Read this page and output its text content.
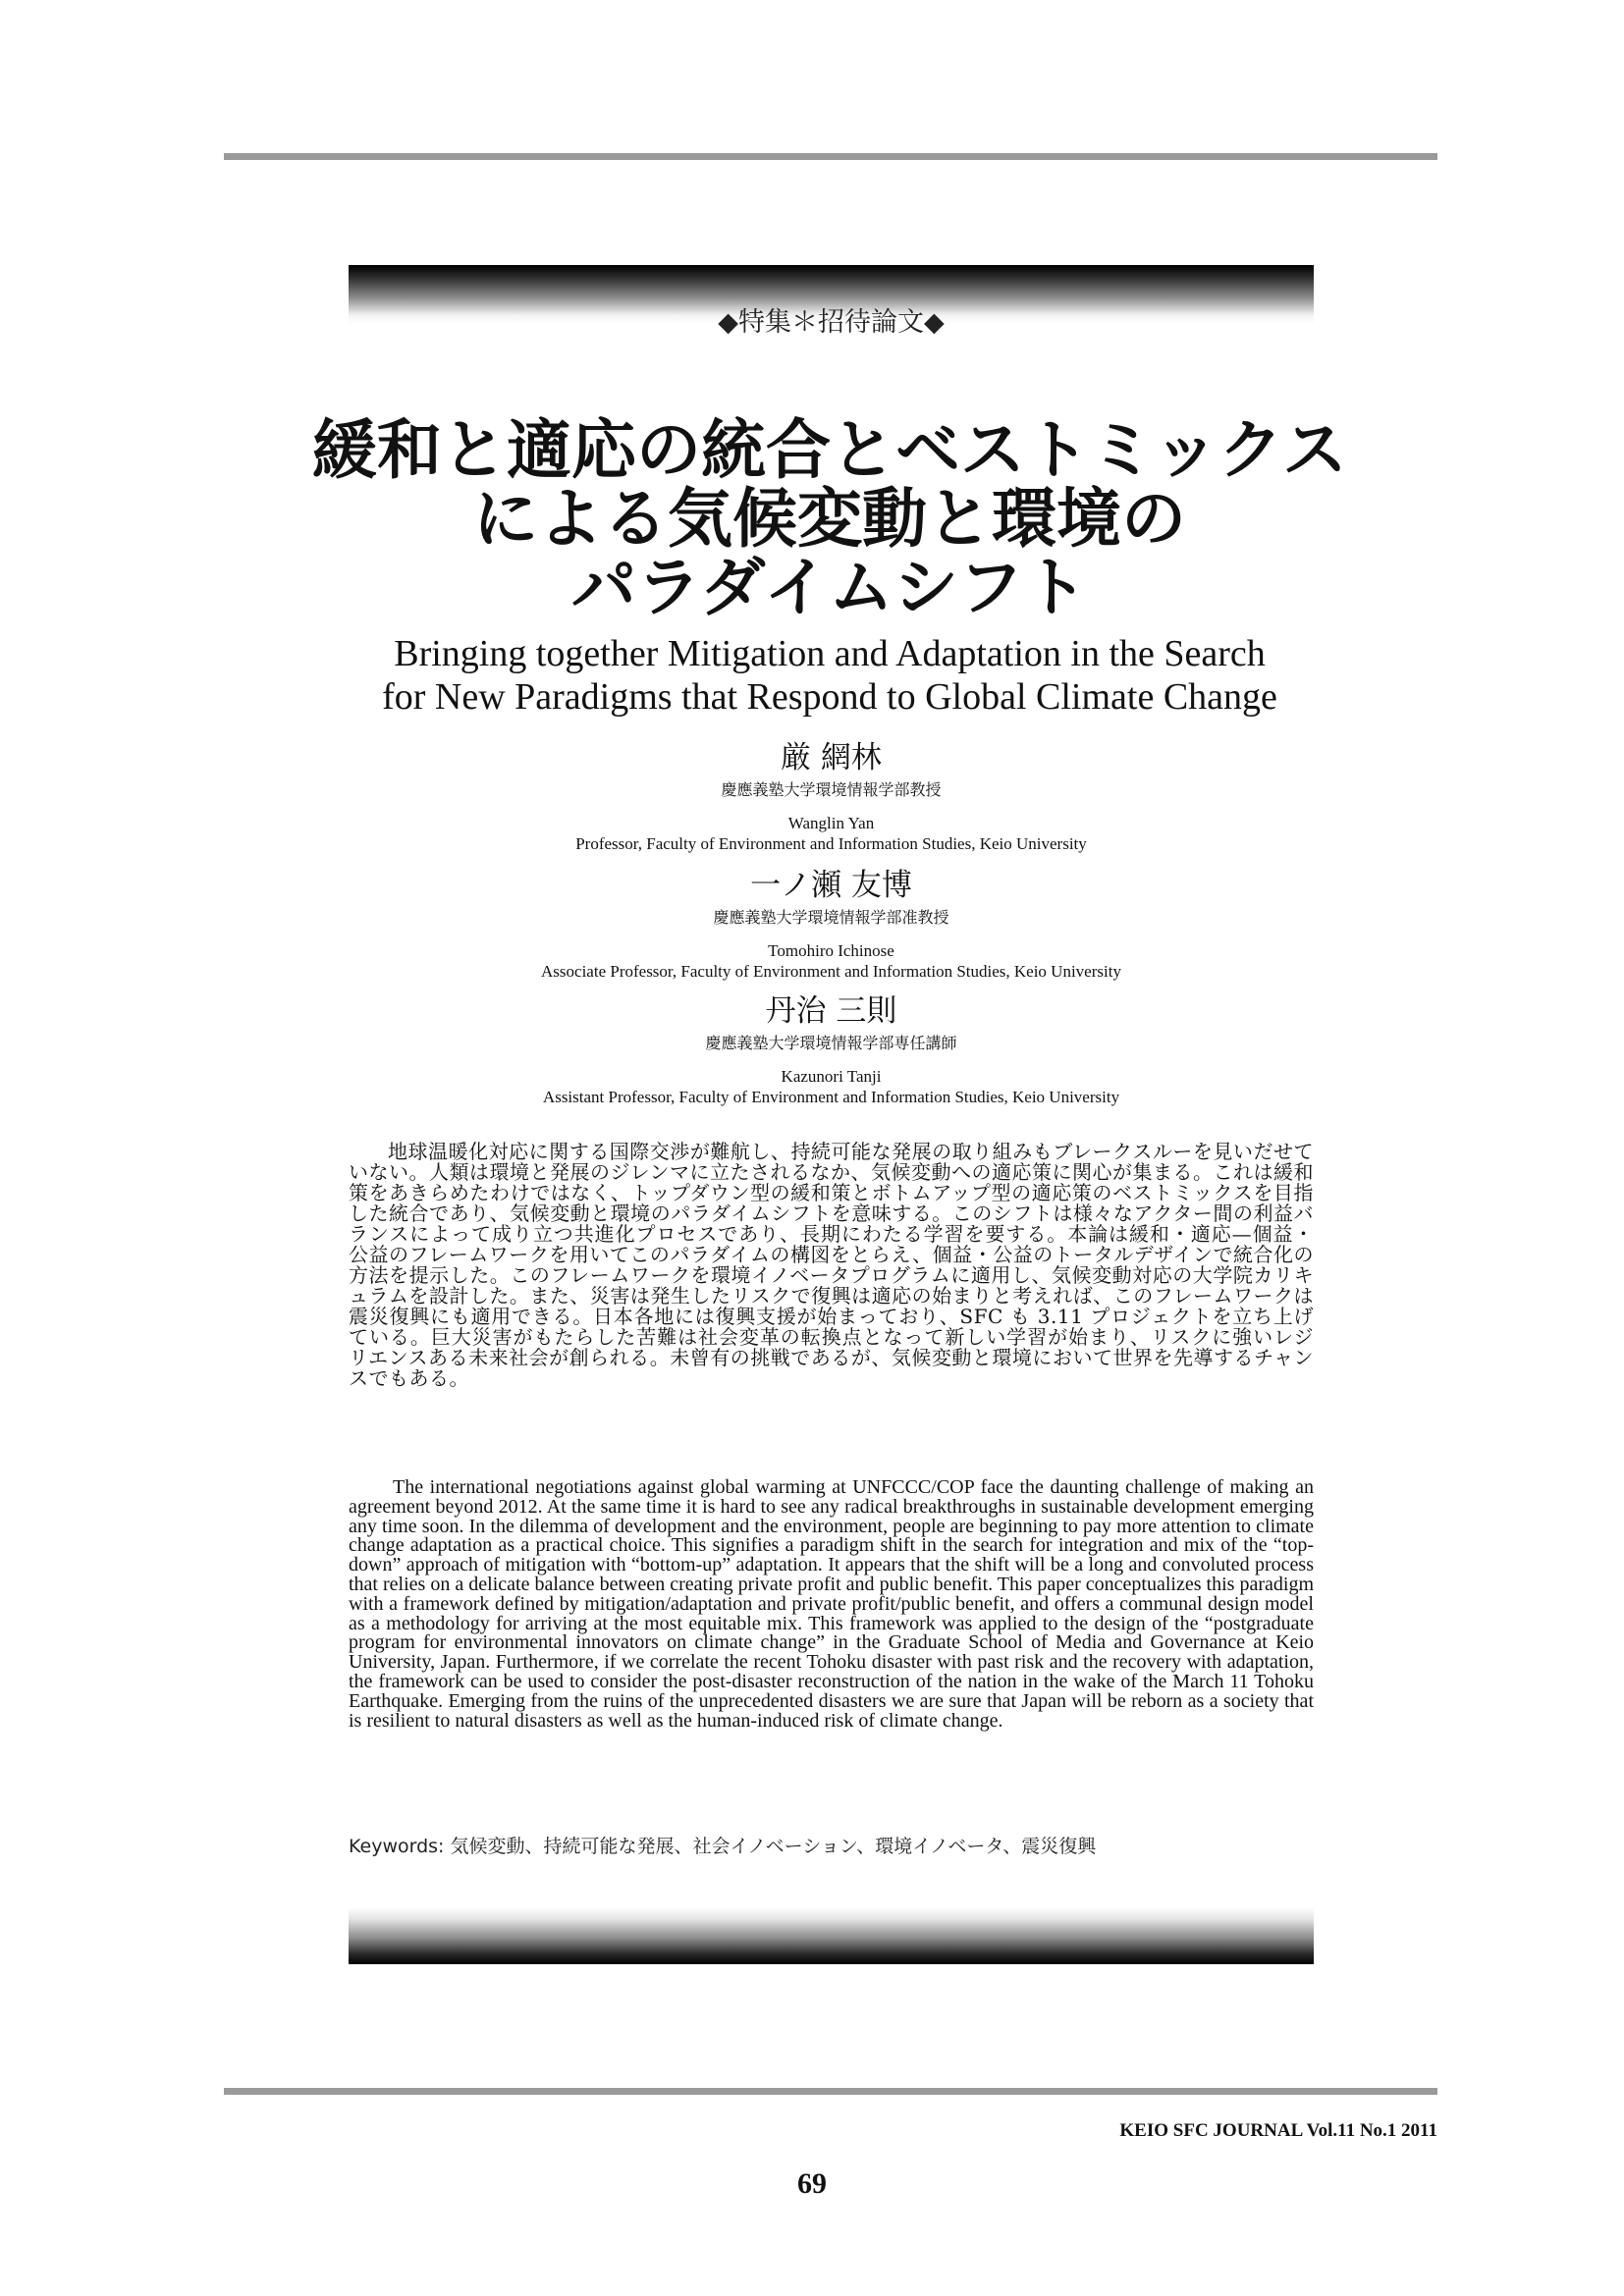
◆特集＊招待論文◆
緩和と適応の統合とベストミックス
による気候変動と環境の
パラダイムシフト
Bringing together Mitigation and Adaptation in the Search
for New Paradigms that Respond to Global Climate Change
厳 網林
慶應義塾大学環境情報学部教授
Wanglin Yan
Professor, Faculty of Environment and Information Studies, Keio University
一ノ瀬 友博
慶應義塾大学環境情報学部准教授
Tomohiro Ichinose
Associate Professor, Faculty of Environment and Information Studies, Keio University
丹治 三則
慶應義塾大学環境情報学部専任講師
Kazunori Tanji
Assistant Professor, Faculty of Environment and Information Studies, Keio University
地球温暖化対応に関する国際交渉が難航し、持続可能な発展の取り組みもブレークスルーを見いだせていない。人類は環境と発展のジレンマに立たされるなか、気候変動への適応策に関心が集まる。これは緩和策をあきらめたわけではなく、トップダウン型の緩和策とボトムアップ型の適応策のベストミックスを目指した統合であり、気候変動と環境のパラダイムシフトを意味する。このシフトは様々なアクター間の利益バランスによって成り立つ共進化プロセスであり、長期にわたる学習を要する。本論は緩和・適応—個益・公益のフレームワークを用いてこのパラダイムの構図をとらえ、個益・公益のトータルデザインで統合化の方法を提示した。このフレームワークを環境イノベータプログラムに適用し、気候変動対応の大学院カリキュラムを設計した。また、災害は発生したリスクで復興は適応の始まりと考えれば、このフレームワークは震災復興にも適用できる。日本各地には復興支援が始まっており、SFC も 3.11 プロジェクトを立ち上げている。巨大災害がもたらした苦難は社会変革の転換点となって新しい学習が始まり、リスクに強いレジリエンスある未来社会が創られる。未曾有の挑戦であるが、気候変動と環境において世界を先導するチャンスでもある。
The international negotiations against global warming at UNFCCC/COP face the daunting challenge of making an agreement beyond 2012. At the same time it is hard to see any radical breakthroughs in sustainable development emerging any time soon. In the dilemma of development and the environment, people are beginning to pay more attention to climate change adaptation as a practical choice. This signifies a paradigm shift in the search for integration and mix of the “top-down” approach of mitigation with “bottom-up” adaptation. It appears that the shift will be a long and convoluted process that relies on a delicate balance between creating private profit and public benefit. This paper conceptualizes this paradigm with a framework defined by mitigation/adaptation and private profit/public benefit, and offers a communal design model as a methodology for arriving at the most equitable mix. This framework was applied to the design of the “postgraduate program for environmental innovators on climate change” in the Graduate School of Media and Governance at Keio University, Japan. Furthermore, if we correlate the recent Tohoku disaster with past risk and the recovery with adaptation, the framework can be used to consider the post-disaster reconstruction of the nation in the wake of the March 11 Tohoku Earthquake. Emerging from the ruins of the unprecedented disasters we are sure that Japan will be reborn as a society that is resilient to natural disasters as well as the human-induced risk of climate change.
Keywords: 気候変動、持続可能な発展、社会イノベーション、環境イノベータ、震災復興
KEIO SFC JOURNAL Vol.11 No.1 2011
69
